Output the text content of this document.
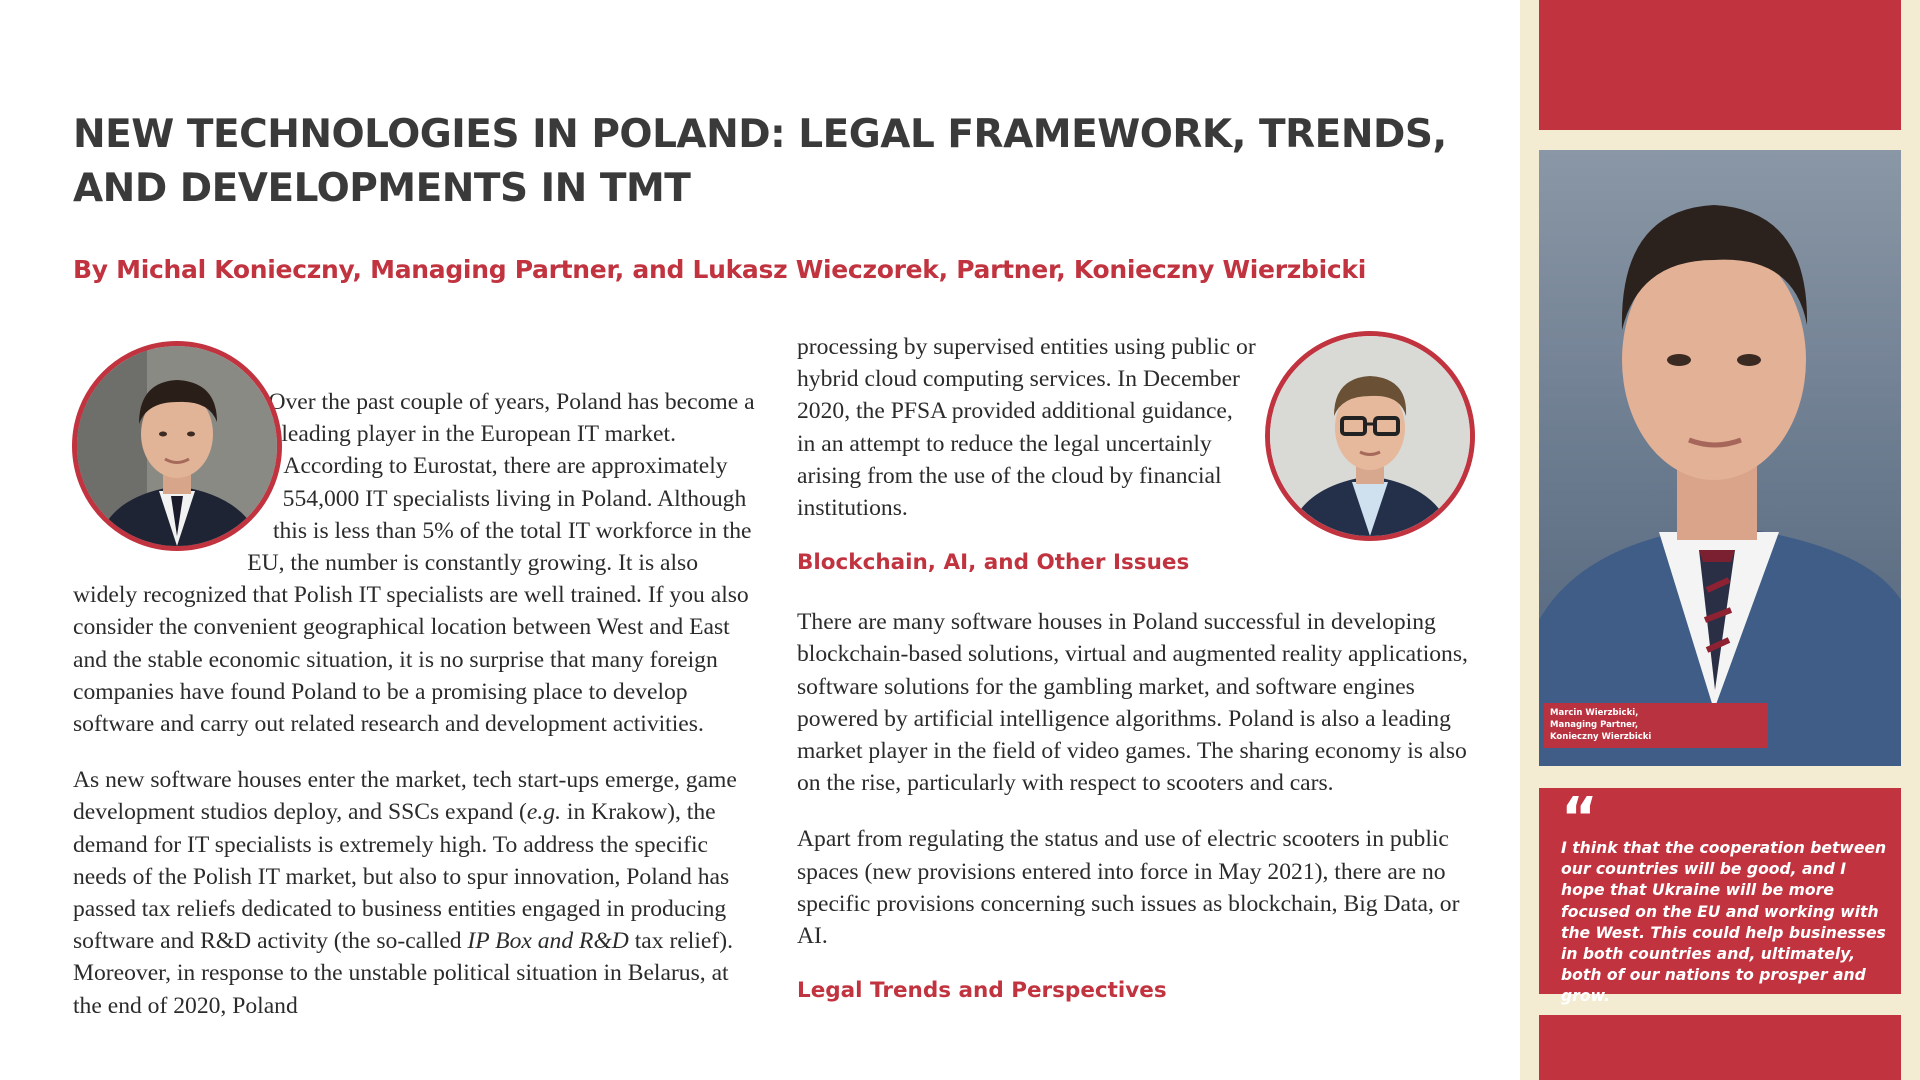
NEW TECHNOLOGIES IN POLAND: LEGAL FRAMEWORK, TRENDS,
AND DEVELOPMENTS IN TMT

By Michal Konieczny, Managing Partner, and Lukasz Wieczorek, Partner, Konieczny Wierzbicki

Over the past couple of years, Poland has become a leading player in the European IT market. According to Eurostat, there are approximately 554,000 IT specialists living in Poland. Although this is less than 5% of the total IT workforce in the EU, the number is constantly growing. It is also widely recognized that Polish IT specialists are well trained. If you also consider the convenient geographical location between West and East and the stable economic situation, it is no surprise that many foreign companies have found Poland to be a promising place to develop software and carry out related research and development activities.

As new software houses enter the market, tech start-ups emerge, game development studios deploy, and SSCs expand (e.g. in Krakow), the demand for IT specialists is extremely high. To address the specific needs of the Polish IT market, but also to spur innovation, Poland has passed tax reliefs dedicated to business entities engaged in producing software and R&D activity (the so-called IP Box and R&D tax relief). Moreover, in response to the unstable political situation in Belarus, at the end of 2020, Poland

processing by supervised entities using public or hybrid cloud computing services. In December 2020, the PFSA provided additional guidance, in an attempt to reduce the legal uncertainly arising from the use of the cloud by financial institutions.

Blockchain, AI, and Other Issues

There are many software houses in Poland successful in developing blockchain-based solutions, virtual and augmented reality applications, software solutions for the gambling market, and software engines powered by artificial intelligence algorithms. Poland is also a leading market player in the field of video games. The sharing economy is also on the rise, particularly with respect to scooters and cars.

Apart from regulating the status and use of electric scooters in public spaces (new provisions entered into force in May 2021), there are no specific provisions concerning such issues as blockchain, Big Data, or AI.

Legal Trends and Perspectives
Marcin Wierzbicki,
Managing Partner,
Konieczny Wierzbicki
“

I think that the cooperation between our countries will be good, and I hope that Ukraine will be more focused on the EU and working with the West. This could help businesses in both countries and, ultimately, both of our nations to prosper and grow.
